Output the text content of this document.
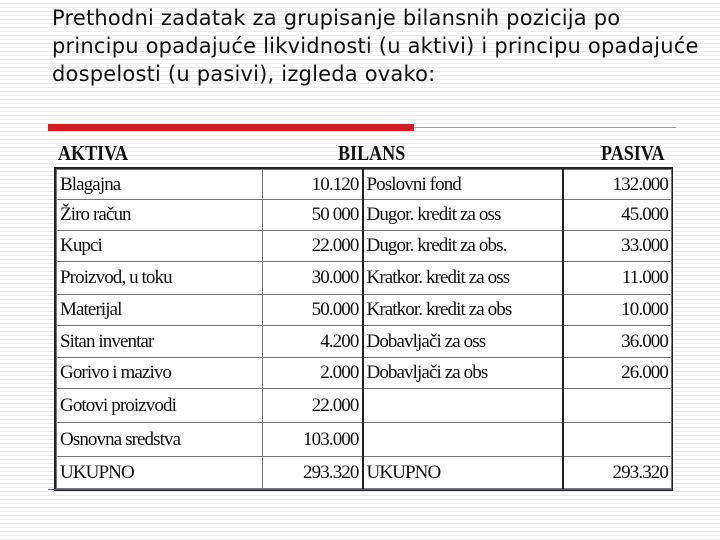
Prethodni zadatak za grupisanje bilansnih pozicija po principu opadajuće likvidnosti (u aktivi) i principu opadajuće dospelosti (u pasivi), izgleda ovako:
AKTIVA	BILANS	PASIVA
Blagajna	10.120	Poslovni fond	132.000
Žiro račun	50 000	Dugor. kredit za oss	45.000
Kupci	22.000	Dugor. kredit za obs.	33.000
Proizvod, u toku	30.000	Kratkor. kredit za oss	11.000
Materijal	50.000	Kratkor. kredit za obs	10.000
Sitan inventar	4.200	Dobavljači za oss	36.000
Gorivo i mazivo	2.000	Dobavljači za obs	26.000
Gotovi proizvodi	22.000		
Osnovna sredstva	103.000		
UKUPNO	293.320	UKUPNO	293.320
